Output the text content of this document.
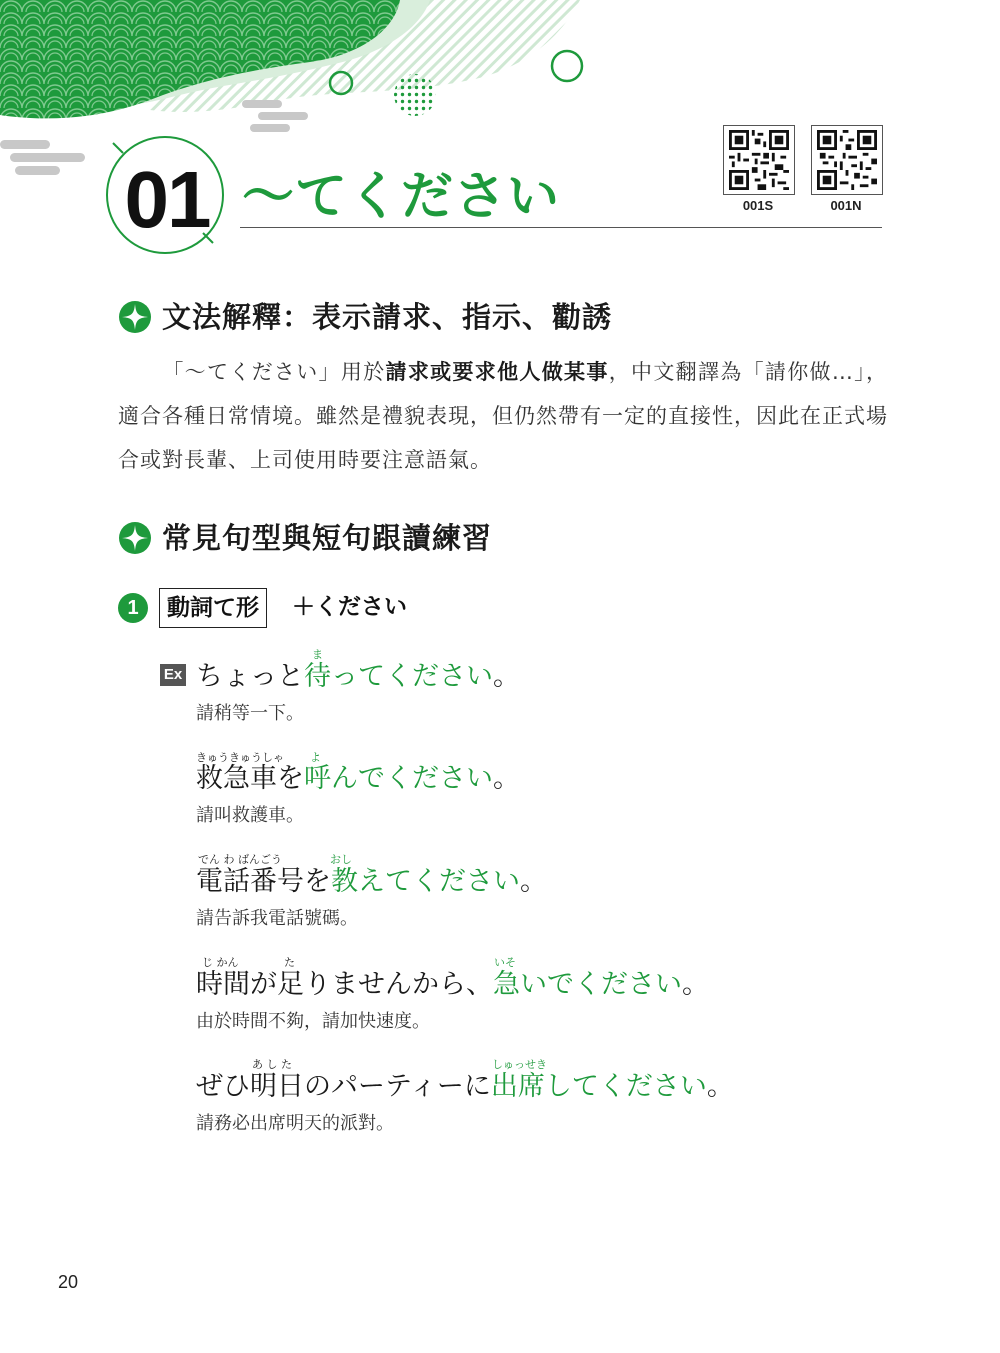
01 ～てください	001S	001N
文法解釋：表示請求、指示、勸誘
「～てください」用於請求或要求他人做某事，中文翻譯為「請你做…」，適合各種日常情境。雖然是禮貌表現，但仍然帶有一定的直接性，因此在正式場合或對長輩、上司使用時要注意語氣。
常見句型與短句跟讀練習
1	動詞て形	＋ください
Ex
ま
ちょっと待ってください。
請稍等一下。
きゅうきゅうしゃ よ
救急車を呼んでください。
請叫救護車。
でん わ ばんごう	おし
電話番号を教えてください。
請告訴我電話號碼。
じ かん	た	いそ
時間が足りませんから、急いでください。
由於時間不夠，請加快速度。
あ し た	しゅっせき
ぜひ明日のパーティーに出席してください。
請務必出席明天的派對。
20
